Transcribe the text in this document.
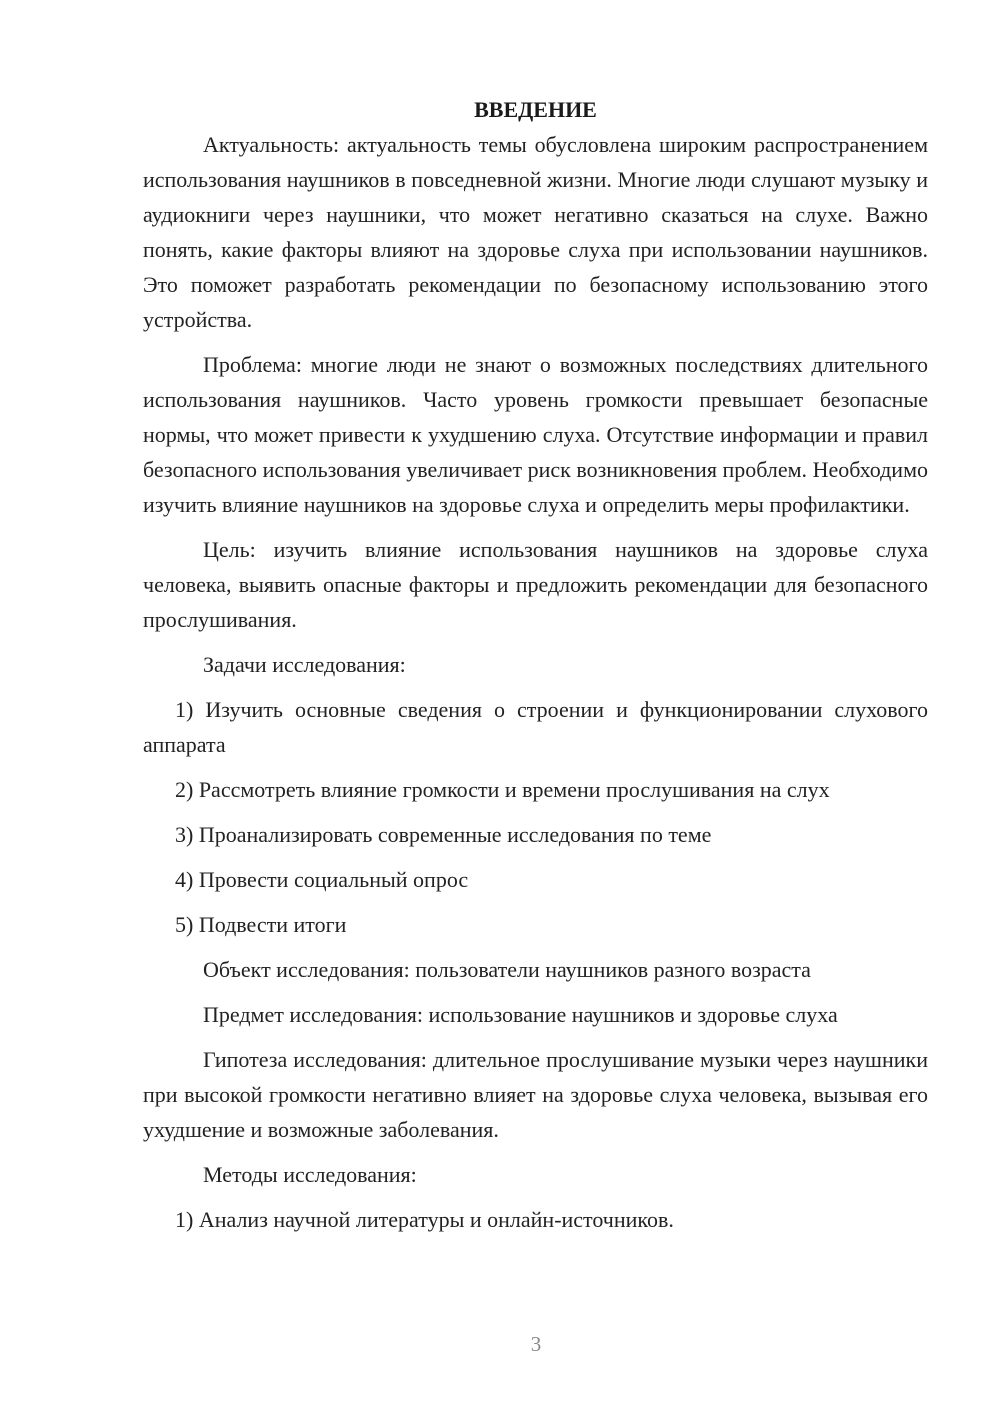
ВВЕДЕНИЕ

Актуальность: актуальность темы обусловлена широким распространением использования наушников в повседневной жизни. Многие люди слушают музыку и аудиокниги через наушники, что может негативно сказаться на слухе. Важно понять, какие факторы влияют на здоровье слуха при использовании наушников. Это поможет разработать рекомендации по безопасному использованию этого устройства.

Проблема: многие люди не знают о возможных последствиях длительного использования наушников. Часто уровень громкости превышает безопасные нормы, что может привести к ухудшению слуха. Отсутствие информации и правил безопасного использования увеличивает риск возникновения проблем. Необходимо изучить влияние наушников на здоровье слуха и определить меры профилактики.

Цель: изучить влияние использования наушников на здоровье слуха человека, выявить опасные факторы и предложить рекомендации для безопасного прослушивания.

Задачи исследования:

1) Изучить основные сведения о строении и функционировании слухового аппарата

2) Рассмотреть влияние громкости и времени прослушивания на слух

3) Проанализировать современные исследования по теме

4) Провести социальный опрос

5) Подвести итоги

Объект исследования: пользователи наушников разного возраста

Предмет исследования: использование наушников и здоровье слуха

Гипотеза исследования: длительное прослушивание музыки через наушники при высокой громкости негативно влияет на здоровье слуха человека, вызывая его ухудшение и возможные заболевания.

Методы исследования:

1) Анализ научной литературы и онлайн-источников.

3
